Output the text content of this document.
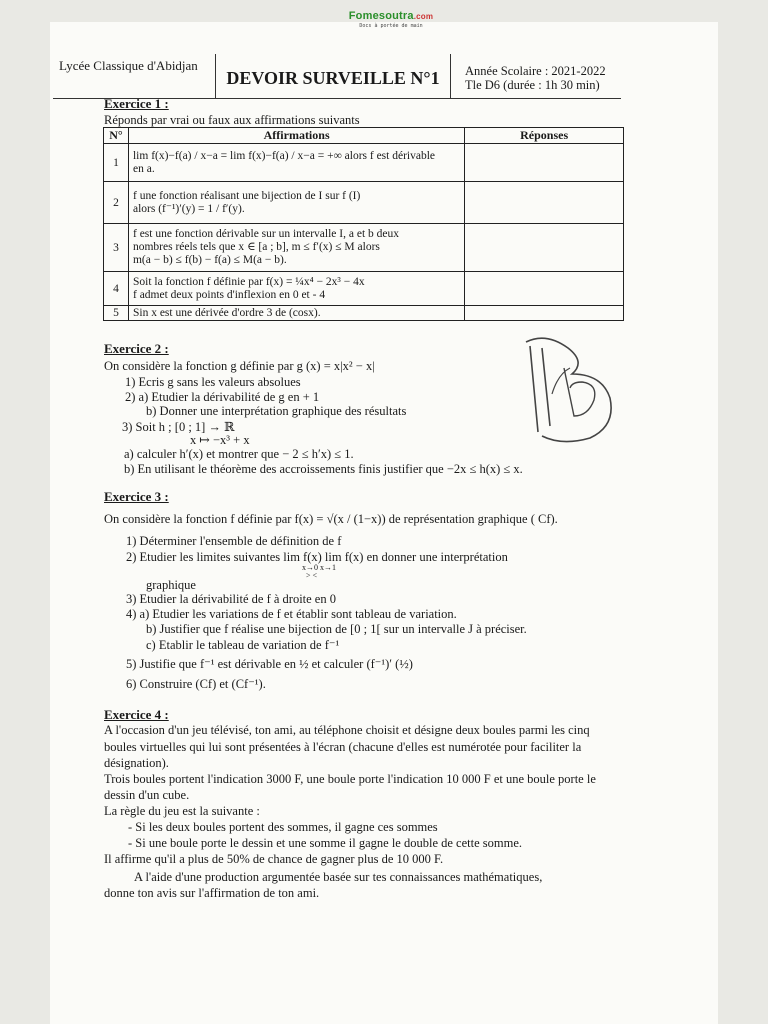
Fomesoutra.com
Docs à portée de main
Lycée Classique d'Abidjan
DEVOIR SURVEILLE N°1	Année Scolaire : 2021-2022
Tle D6 (durée : 1h 30 min)
Exercice 1 :
Réponds par vrai ou faux aux affirmations suivants
N°	Affirmations	Réponses
1	lim f(x)−f(a) / x−a = lim f(x)−f(a) / x−a = +∞ alors f est dérivable
en a.	

2	f une fonction réalisant une bijection de I sur f (I)
alors (f⁻¹)′(y) = 1 / f′(y).	

3	f est une fonction dérivable sur un intervalle I, a et b deux
nombres réels tels que x ∈ [a ; b], m ≤ f′(x) ≤ M alors
m(a − b) ≤ f(b) − f(a) ≤ M(a − b).	

4	Soit la fonction f définie par f(x) = ¼x⁴ − 2x³ − 4x
f admet deux points d'inflexion en 0 et - 4	

5	Sin x est une dérivée d'ordre 3 de (cosx).	

Exercice 2 :
On considère la fonction g définie par g (x) = x|x² − x|
1) Ecris g sans les valeurs absolues
2) a) Etudier la dérivabilité de g en + 1
b) Donner une interprétation graphique des résultats
3) Soit h ; [0 ; 1] → ℝ
x ↦ −x³ + x
a) calculer h′(x) et montrer que − 2 ≤ h′x) ≤ 1.
b) En utilisant le théorème des accroissements finis justifier que −2x ≤ h(x) ≤ x.
Exercice 3 :
On considère la fonction f définie par f(x) = √(x / (1−x)) de représentation graphique ( Cf).
1) Déterminer l'ensemble de définition de f
2) Etudier les limites suivantes lim f(x) lim f(x) en donner une interprétation
x→0 x→1
> <
graphique
3) Etudier la dérivabilité de f à droite en 0
4) a) Etudier les variations de f et établir sont tableau de variation.
b) Justifier que f réalise une bijection de [0 ; 1[ sur un intervalle J à préciser.
c) Etablir le tableau de variation de f⁻¹
5) Justifie que f⁻¹ est dérivable en ½ et calculer (f⁻¹)′ (½)
6) Construire (Cf) et (Cf⁻¹).
Exercice 4 :
A l'occasion d'un jeu télévisé, ton ami, au téléphone choisit et désigne deux boules parmi les cinq
boules virtuelles qui lui sont présentées à l'écran (chacune d'elles est numérotée pour faciliter la
désignation).
Trois boules portent l'indication 3000 F, une boule porte l'indication 10 000 F et une boule porte le
dessin d'un cube.
La règle du jeu est la suivante :
- Si les deux boules portent des sommes, il gagne ces sommes
- Si une boule porte le dessin et une somme il gagne le double de cette somme.
Il affirme qu'il a plus de 50% de chance de gagner plus de 10 000 F.
A l'aide d'une production argumentée basée sur tes connaissances mathématiques,
donne ton avis sur l'affirmation de ton ami.
